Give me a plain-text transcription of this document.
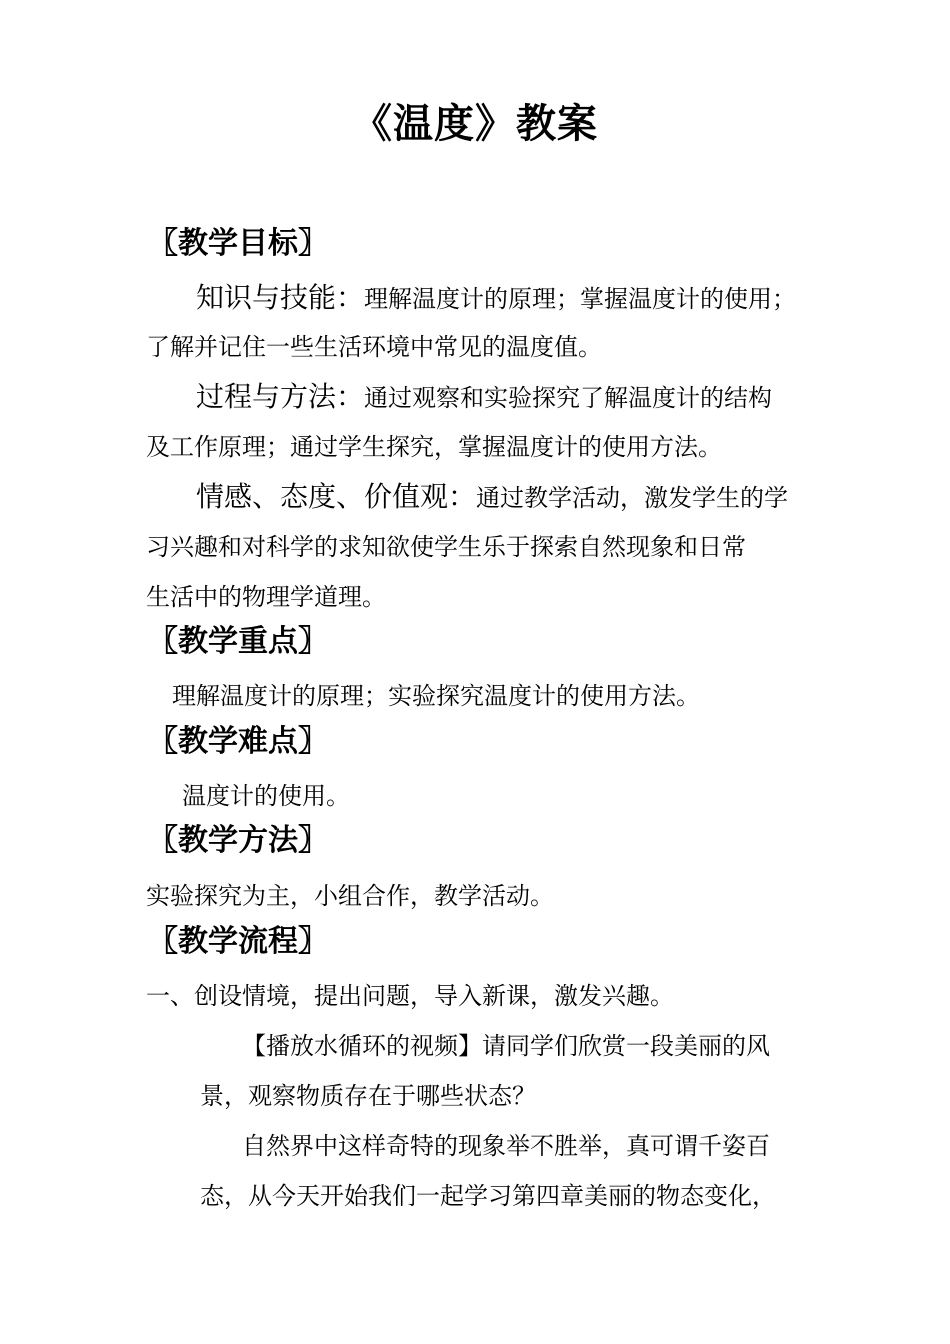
《温度》教案
〖教学目标〗
知识与技能：理解温度计的原理；掌握温度计的使用；
了解并记住一些生活环境中常见的温度值。
过程与方法：通过观察和实验探究了解温度计的结构
及工作原理；通过学生探究，掌握温度计的使用方法。
情感、态度、价值观：通过教学活动，激发学生的学
习兴趣和对科学的求知欲使学生乐于探索自然现象和日常
生活中的物理学道理。
〖教学重点〗
理解温度计的原理；实验探究温度计的使用方法。
〖教学难点〗
温度计的使用。
〖教学方法〗
实验探究为主，小组合作，教学活动。
〖教学流程〗
一、创设情境，提出问题，导入新课，激发兴趣。
【播放水循环的视频】请同学们欣赏一段美丽的风
景，观察物质存在于哪些状态？
自然界中这样奇特的现象举不胜举，真可谓千姿百
态，从今天开始我们一起学习第四章美丽的物态变化，
